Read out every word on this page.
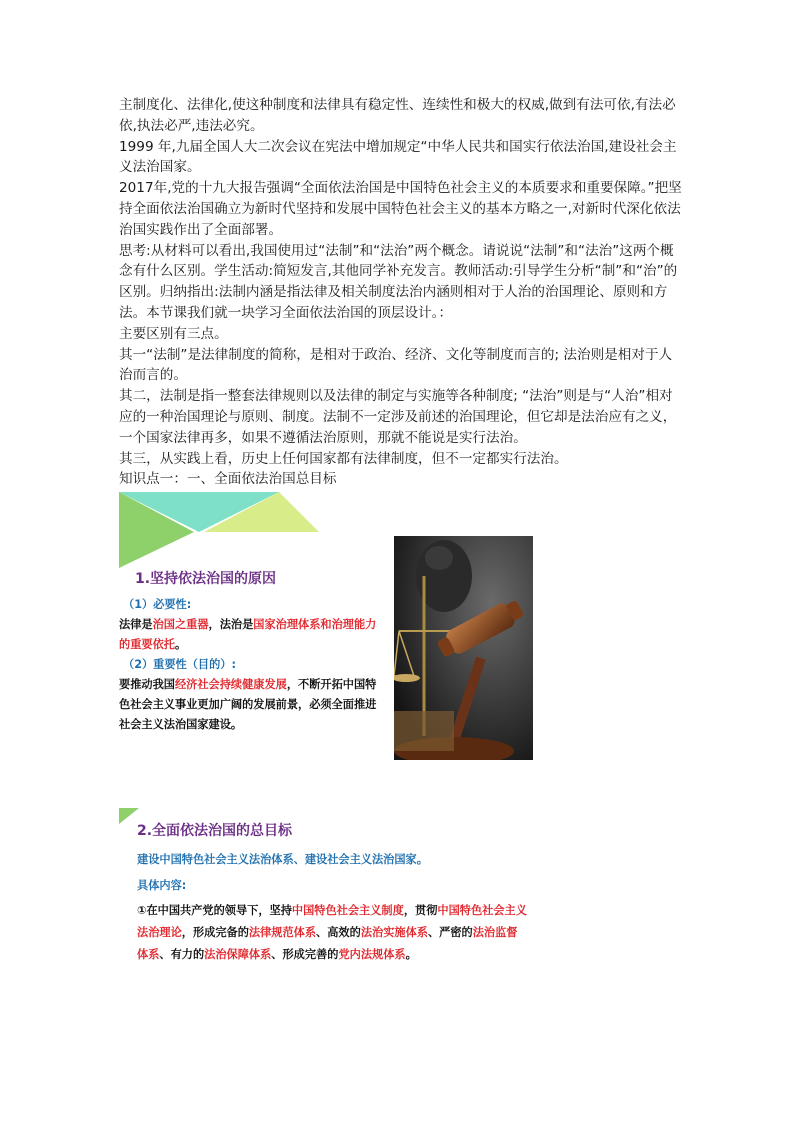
主制度化、法律化,使这种制度和法律具有稳定性、连续性和极大的权威,做到有法可依,有法必依,执法必严,违法必究。

1999 年,九届全国人大二次会议在宪法中增加规定“中华人民共和国实行依法治国,建设社会主义法治国家。

2017年,党的十九大报告强调“全面依法治国是中国特色社会主义的本质要求和重要保障。”把坚持全面依法治国确立为新时代坚持和发展中国特色社会主义的基本方略之一,对新时代深化依法治国实践作出了全面部署。

思考:从材料可以看出,我国使用过“法制”和“法治”两个概念。请说说“法制”和“法治”这两个概念有什么区别。学生活动:简短发言,其他同学补充发言。教师活动:引导学生分析“制”和“治”的区别。归纳指出:法制内涵是指法律及相关制度法治内涵则相对于人治的治国理论、原则和方法。本节课我们就一块学习全面依法治国的顶层设计。：

主要区别有三点。

其一“法制”是法律制度的简称，是相对于政治、经济、文化等制度而言的; 法治则是相对于人治而言的。

其二，法制是指一整套法律规则以及法律的制定与实施等各种制度; “法治”则是与“人治”相对应的一种治国理论与原则、制度。法制不一定涉及前述的治国理论，但它却是法治应有之义，一个国家法律再多，如果不遵循法治原则，那就不能说是实行法治。

其三，从实践上看，历史上任何国家都有法律制度，但不一定都实行法治。

知识点一：一、全面依法治国总目标

1.坚持依法治国的原因

（1）必要性:

法律是治国之重器，法治是国家治理体系和治理能力的重要依托。

（2）重要性（目的）:

要推动我国经济社会持续健康发展，不断开拓中国特色社会主义事业更加广阔的发展前景，必须全面推进社会主义法治国家建设。

2.全面依法治国的总目标
建设中国特色社会主义法治体系、建设社会主义法治国家。
具体内容:
①在中国共产党的领导下，坚持中国特色社会主义制度，贯彻中国特色社会主义法治理论，形成完备的法律规范体系、高效的法治实施体系、严密的法治监督体系、有力的法治保障体系、形成完善的党内法规体系。
